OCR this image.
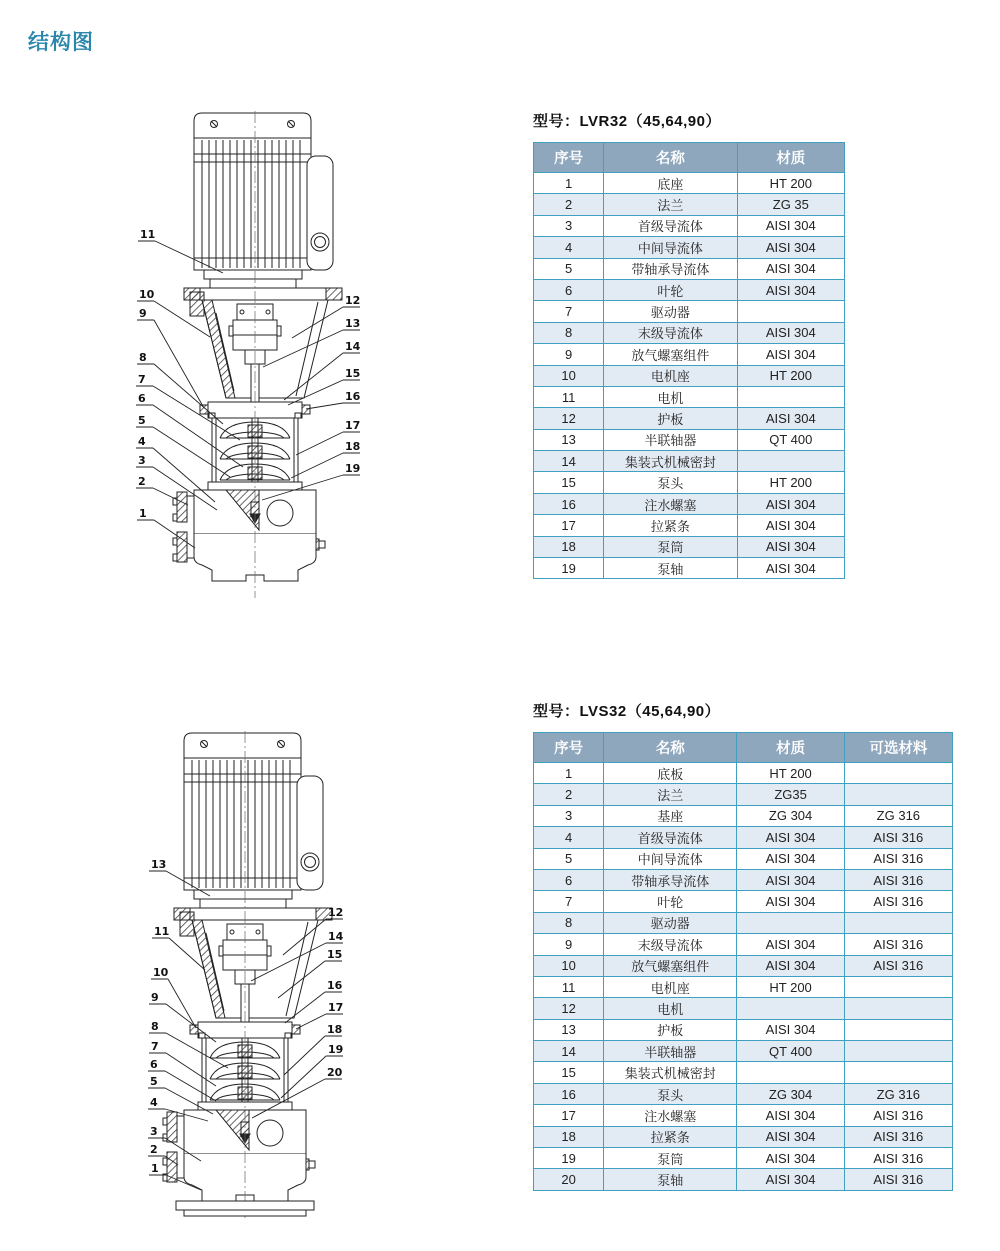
结构图
11
10
9
8
7
6
5
4
3
2
1
12
13
14
15
16
17
18
19
13
11
10
9
8
7
6
5
4
3
2
1
12
14
15
16
17
18
19
20
型号：LVR32（45,64,90）
序号	名称	材质
1	底座	HT 200
2	法兰	ZG 35
3	首级导流体	AISI 304
4	中间导流体	AISI 304
5	带轴承导流体	AISI 304
6	叶轮	AISI 304
7	驱动器	
8	末级导流体	AISI 304
9	放气螺塞组件	AISI 304
10	电机座	HT 200
11	电机	
12	护板	AISI 304
13	半联轴器	QT 400
14	集装式机械密封	
15	泵头	HT 200
16	注水螺塞	AISI 304
17	拉紧条	AISI 304
18	泵筒	AISI 304
19	泵轴	AISI 304
型号：LVS32（45,64,90）
序号	名称	材质	可选材料
1	底板	HT 200	
2	法兰	ZG35	
3	基座	ZG 304	ZG 316
4	首级导流体	AISI 304	AISI 316
5	中间导流体	AISI 304	AISI 316
6	带轴承导流体	AISI 304	AISI 316
7	叶轮	AISI 304	AISI 316
8	驱动器		
9	末级导流体	AISI 304	AISI 316
10	放气螺塞组件	AISI 304	AISI 316
11	电机座	HT 200	
12	电机		
13	护板	AISI 304	
14	半联轴器	QT 400	
15	集装式机械密封		
16	泵头	ZG 304	ZG 316
17	注水螺塞	AISI 304	AISI 316
18	拉紧条	AISI 304	AISI 316
19	泵筒	AISI 304	AISI 316
20	泵轴	AISI 304	AISI 316
